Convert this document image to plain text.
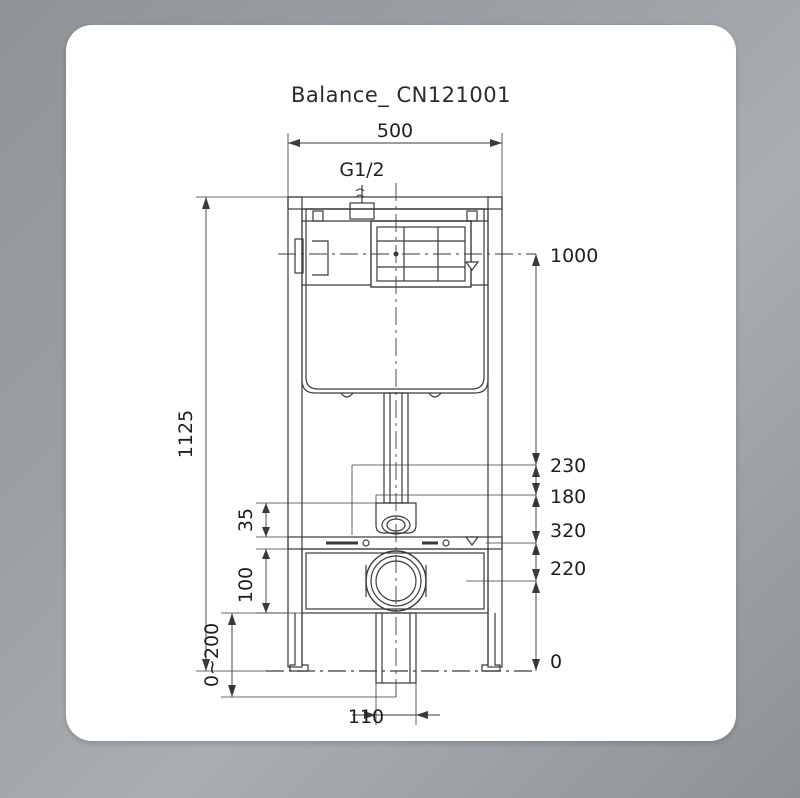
Balance_ CN121001
500
G1/2
1125
0~200
35
100
1000
230
180
320
220
0
110
